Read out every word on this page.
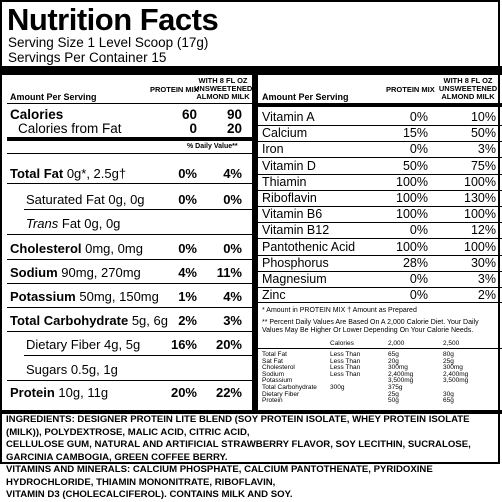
Nutrition Facts
Serving Size 1 Level Scoop (17g)
Servings Per Container 15
Amount Per Serving
PROTEIN MIX
WITH 8 FL OZ
UNSWEETENED
ALMOND MILK
Calories	60	90
Calories from Fat	0	20
% Daily Value**
Total Fat 0g*, 2.5g†	0%	4%
Saturated Fat 0g, 0g	0%	0%
Trans Fat 0g, 0g
Cholesterol 0mg, 0mg	0%	0%
Sodium 90mg, 270mg	4%	11%
Potassium 50mg, 150mg	1%	4%
Total Carbohydrate 5g, 6g 2%	3%
Dietary Fiber 4g, 5g	16%	20%
Sugars 0.5g, 1g
Protein 10g, 11g	20%	22%
Amount Per Serving
PROTEIN MIX
WITH 8 FL OZ
UNSWEETENED
ALMOND MILK
Vitamin A	0%	10%
Calcium	15%	50%
Iron	0%	3%
Vitamin D	50%	75%
Thiamin	100%	100%
Riboflavin	100%	130%
Vitamin B6	100%	100%
Vitamin B12	0%	12%
Pantothenic Acid	100%	100%
Phosphorus	28%	30%
Magnesium	0%	3%
Zinc	0%	2%
* Amount in PROTEIN MIX † Amount as Prepared
** Percent Daily Values Are Based On A 2,000 Calorie Diet. Your Daily
Values May Be Higher Or Lower Depending On Your Calorie Needs.
Calories	2,000	2,500
Total Fat	Less Than	65g	80g
Sat Fat	Less Than	20g	25g
Cholesterol	Less Than	300mg	300mg
Sodium	Less Than	2,400mg	2,400mg
Potassium	3,500mg	3,500mg
Total Carbohydrate 300g	375g
Dietary Fiber	25g	30g
Protein	50g	65g
INGREDIENTS: DESIGNER PROTEIN LITE BLEND (SOY PROTEIN ISOLATE, WHEY PROTEIN ISOLATE (MILK)), POLYDEXTROSE, MALIC ACID, CITRIC ACID,
CELLULOSE GUM, NATURAL AND ARTIFICIAL STRAWBERRY FLAVOR, SOY LECITHIN, SUCRALOSE, GARCINIA CAMBOGIA, GREEN COFFEE BERRY.
VITAMINS AND MINERALS: CALCIUM PHOSPHATE, CALCIUM PANTOTHENATE, PYRIDOXINE HYDROCHLORIDE, THIAMIN MONONITRATE, RIBOFLAVIN,
VITAMIN D3 (CHOLECALCIFEROL). CONTAINS MILK AND SOY.
